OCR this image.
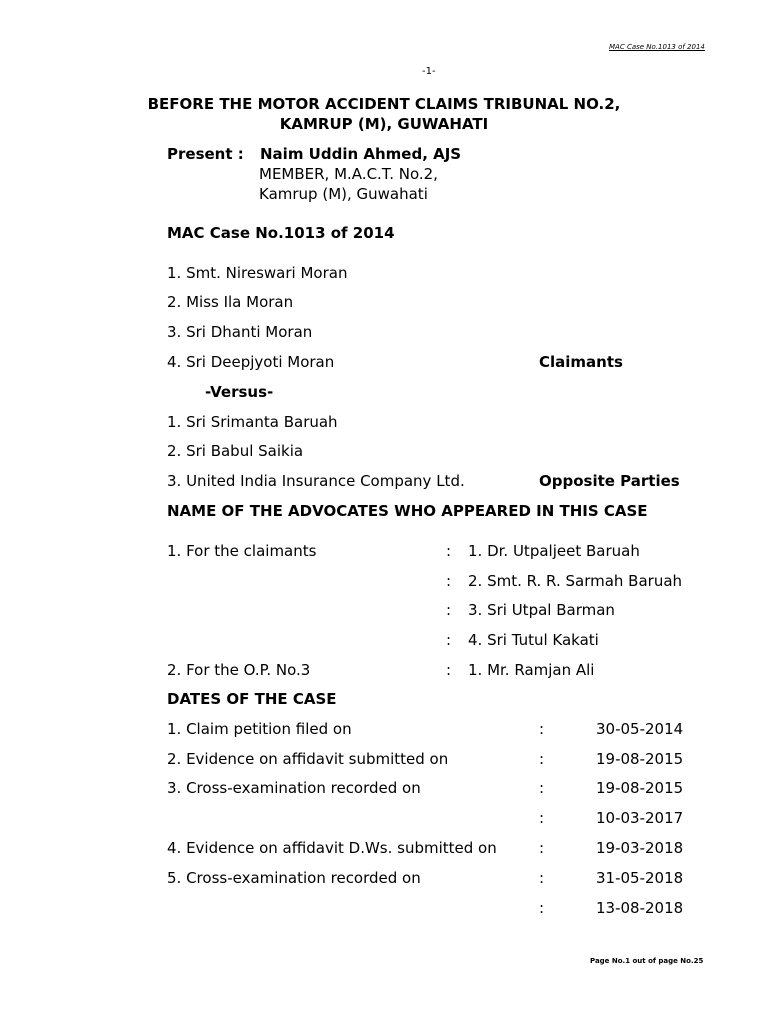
MAC Case No.1013 of 2014
-1-
BEFORE THE MOTOR ACCIDENT CLAIMS TRIBUNAL NO.2,
KAMRUP (M), GUWAHATI
Present : Naim Uddin Ahmed, AJS
MEMBER, M.A.C.T. No.2,
Kamrup (M), Guwahati
MAC Case No.1013 of 2014
1. Smt. Nireswari Moran
2. Miss Ila Moran
3. Sri Dhanti Moran
4. Sri Deepjyoti Moran	Claimants
-Versus-
1. Sri Srimanta Baruah
2. Sri Babul Saikia
3. United India Insurance Company Ltd.	Opposite Parties
NAME OF THE ADVOCATES WHO APPEARED IN THIS CASE
1. For the claimants	: 1. Dr. Utpaljeet Baruah
: 2. Smt. R. R. Sarmah Baruah
: 3. Sri Utpal Barman
: 4. Sri Tutul Kakati
2. For the O.P. No.3	: 1. Mr. Ramjan Ali
DATES OF THE CASE
1. Claim petition filed on	:	30-05-2014
2. Evidence on affidavit submitted on	:	19-08-2015
3. Cross-examination recorded on	:	19-08-2015
:	10-03-2017
4. Evidence on affidavit D.Ws. submitted on	:	19-03-2018
5. Cross-examination recorded on	:	31-05-2018
:	13-08-2018
Page No.1 out of page No.25
